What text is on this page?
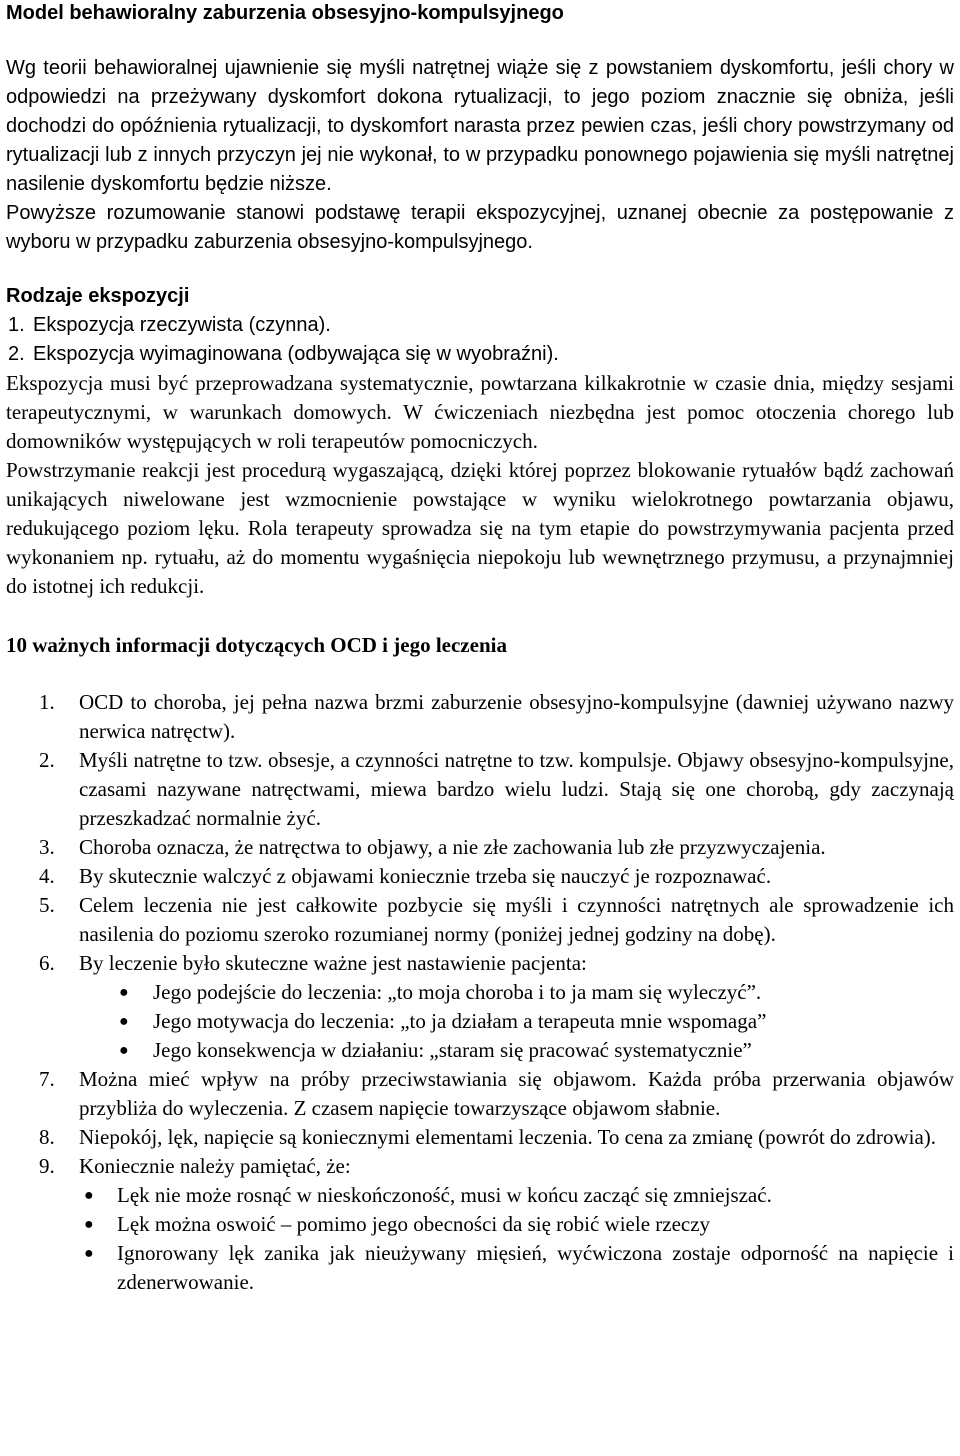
Model behawioralny zaburzenia obsesyjno-kompulsyjnego

Wg teorii behawioralnej ujawnienie się myśli natrętnej wiąże się z powstaniem dyskomfortu, jeśli chory w odpowiedzi na przeżywany dyskomfort dokona rytualizacji, to jego poziom znacznie się obniża, jeśli dochodzi do opóźnienia rytualizacji, to dyskomfort narasta przez pewien czas, jeśli chory powstrzymany od rytualizacji lub z innych przyczyn jej nie wykonał, to w przypadku ponownego pojawienia się myśli natrętnej nasilenie dyskomfortu będzie niższe.

Powyższe rozumowanie stanowi podstawę terapii ekspozycyjnej, uznanej obecnie za postępowanie z wyboru w przypadku zaburzenia obsesyjno-kompulsyjnego.

Rodzaje ekspozycji
1. Ekspozycja rzeczywista (czynna).
2. Ekspozycja wyimaginowana (odbywająca się w wyobraźni).

Ekspozycja musi być przeprowadzana systematycznie, powtarzana kilkakrotnie w czasie dnia, między sesjami terapeutycznymi, w warunkach domowych. W ćwiczeniach niezbędna jest pomoc otoczenia chorego lub domowników występujących w roli terapeutów pomocniczych.

Powstrzymanie reakcji jest procedurą wygaszającą, dzięki której poprzez blokowanie rytuałów bądź zachowań unikających niwelowane jest wzmocnienie powstające w wyniku wielokrotnego powtarzania objawu, redukującego poziom lęku. Rola terapeuty sprowadza się na tym etapie do powstrzymywania pacjenta przed wykonaniem np. rytuału, aż do momentu wygaśnięcia niepokoju lub wewnętrznego przymusu, a przynajmniej do istotnej ich redukcji.

10 ważnych informacji dotyczących OCD i jego leczenia
1. OCD to choroba, jej pełna nazwa brzmi zaburzenie obsesyjno-kompulsyjne (dawniej używano nazwy nerwica natręctw).
2. Myśli natrętne to tzw. obsesje, a czynności natrętne to tzw. kompulsje. Objawy obsesyjno-kompulsyjne, czasami nazywane natręctwami, miewa bardzo wielu ludzi. Stają się one chorobą, gdy zaczynają przeszkadzać normalnie żyć.
3. Choroba oznacza, że natręctwa to objawy, a nie złe zachowania lub złe przyzwyczajenia.
4. By skutecznie walczyć z objawami koniecznie trzeba się nauczyć je rozpoznawać.
5. Celem leczenia nie jest całkowite pozbycie się myśli i czynności natrętnych ale sprowadzenie ich nasilenia do poziomu szeroko rozumianej normy (poniżej jednej godziny na dobę).
6. By leczenie było skuteczne ważne jest nastawienie pacjenta:
● Jego podejście do leczenia: „to moja choroba i to ja mam się wyleczyć”.
● Jego motywacja do leczenia: „to ja działam a terapeuta mnie wspomaga”
● Jego konsekwencja w działaniu: „staram się pracować systematycznie”
7. Można mieć wpływ na próby przeciwstawiania się objawom. Każda próba przerwania objawów przybliża do wyleczenia. Z czasem napięcie towarzyszące objawom słabnie.
8. Niepokój, lęk, napięcie są koniecznymi elementami leczenia. To cena za zmianę (powrót do zdrowia).
9. Koniecznie należy pamiętać, że:
● Lęk nie może rosnąć w nieskończoność, musi w końcu zacząć się zmniejszać.
● Lęk można oswoić – pomimo jego obecności da się robić wiele rzeczy
● Ignorowany lęk zanika jak nieużywany mięsień, wyćwiczona zostaje odporność na napięcie i zdenerwowanie.
